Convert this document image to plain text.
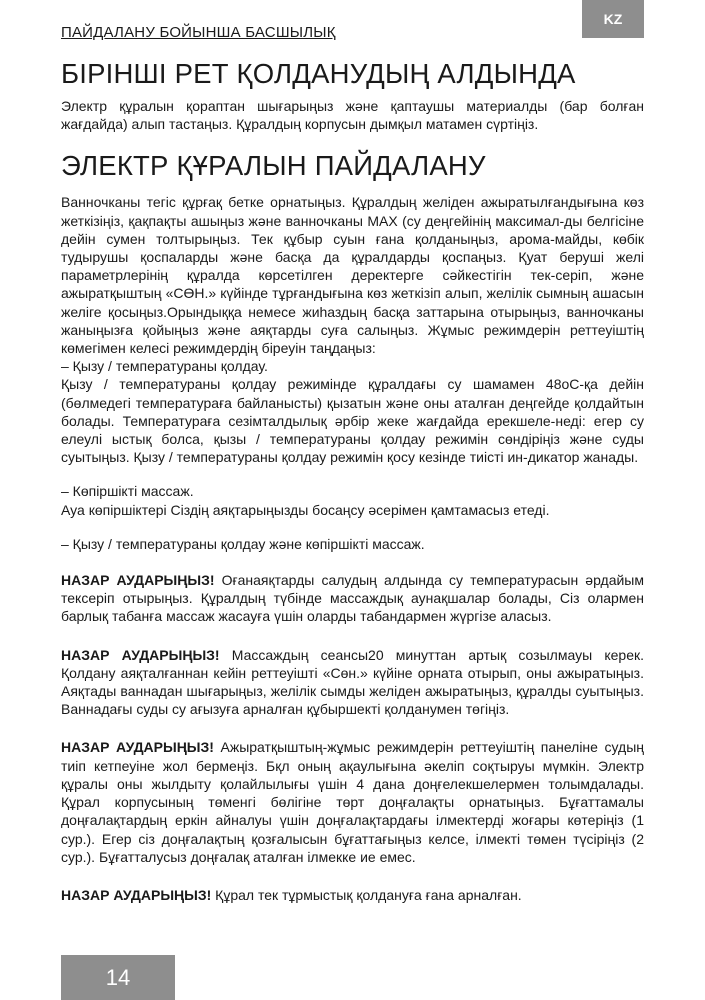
KZ
ПАЙДАЛАНУ БОЙЫНША БАСШЫЛЫҚ
БІРІНШІ РЕТ ҚОЛДАНУДЫҢ АЛДЫНДА

Электр құралын қораптан шығарыңыз және қаптаушы материалды (бар болған жағдайда) алып тастаңыз. Құралдың корпусын дымқыл матамен сүртіңіз.

ЭЛЕКТР ҚҰРАЛЫН ПАЙДАЛАНУ

Ванночканы тегіс құрғақ бетке орнатыңыз. Құралдың желіден ажыратылғандығына көз жеткізіңіз, қақпақты ашыңыз және ванночканы MAX (су деңгейінің максимал-ды белгісіне дейін сумен толтырыңыз. Тек құбыр суын ғана қолданыңыз, арома-майды, көбік тудырушы қоспаларды және басқа да құралдарды қоспаңыз. Қуат беруші желі параметрлерінің құралда көрсетілген деректерге сәйкестігін тек-серіп, және ажыратқыштың «СӨН.» күйінде тұрғандығына көз жеткізіп алып, желілік сымның ашасын желіге қосыңыз.Орындыққа немесе жиһаздың басқа заттарына отырыңыз, ванночканы жаныңызға қойыңыз және аяқтарды суға салыңыз. Жұмыс режимдерін реттеуіштің көмегімен келесі режимдердің біреуін таңдаңыз:

– Қызу / температураны қолдау.

Қызу / температураны қолдау режимінде құралдағы су шамамен 48оС-қа дейін (бөлмедегі температураға байланысты) қызатын және оны аталған деңгейде қолдайтын болады. Температураға сезімталдылық әрбір жеке жағдайда ерекшеле-неді: егер су елеулі ыстық болса, қызы / температураны қолдау режимін сөндіріңіз және суды суытыңыз. Қызу / температураны қолдау режимін қосу кезінде тиісті ин-дикатор жанады.

– Көпіршікті массаж.

Ауа көпіршіктері Сіздің аяқтарыңызды босаңсу әсерімен қамтамасыз етеді.

– Қызу / температураны қолдау және көпіршікті массаж.

НАЗАР АУДАРЫҢЫЗ! Оғанаяқтарды салудың алдында су температурасын әрдайым тексеріп отырыңыз. Құралдың түбінде массаждық аунақшалар болады, Сіз олармен барлық табанға массаж жасауға үшін оларды табандармен жүргізе аласыз.

НАЗАР АУДАРЫҢЫЗ! Массаждың сеансы20 минуттан артық созылмауы керек. Қолдану аяқталғаннан кейін реттеуішті «Сөн.» күйіне орната отырып, оны ажыратыңыз. Аяқтады ваннадан шығарыңыз, желілік сымды желіден ажыратыңыз, құралды суытыңыз. Ваннадағы суды су ағызуға арналған құбыршекті қолданумен төгіңіз.

НАЗАР АУДАРЫҢЫЗ! Ажыратқыштың-жұмыс режимдерін реттеуіштің панеліне судың тиіп кетпеуіне жол бермеңіз. Бқл оның ақаулығына әкеліп соқтыруы мүмкін. Электр құралы оны жылдыту қолайлылығы үшін 4 дана доңғелекшелермен толымдалады. Құрал корпусының төменгі бөлігіне төрт доңғалақты орнатыңыз. Бұғаттамалы доңғалақтардың еркін айналуы үшін доңғалақтардағы ілмектерді жоғары көтеріңіз (1 сур.). Егер сіз доңғалақтың қозғалысын бұғаттағыңыз келсе, ілмекті төмен түсіріңіз (2 сур.). Бұғатталусыз доңғалақ аталған ілмекке ие емес.

НАЗАР АУДАРЫҢЫЗ! Құрал тек тұрмыстық қолдануға ғана арналған.

14
